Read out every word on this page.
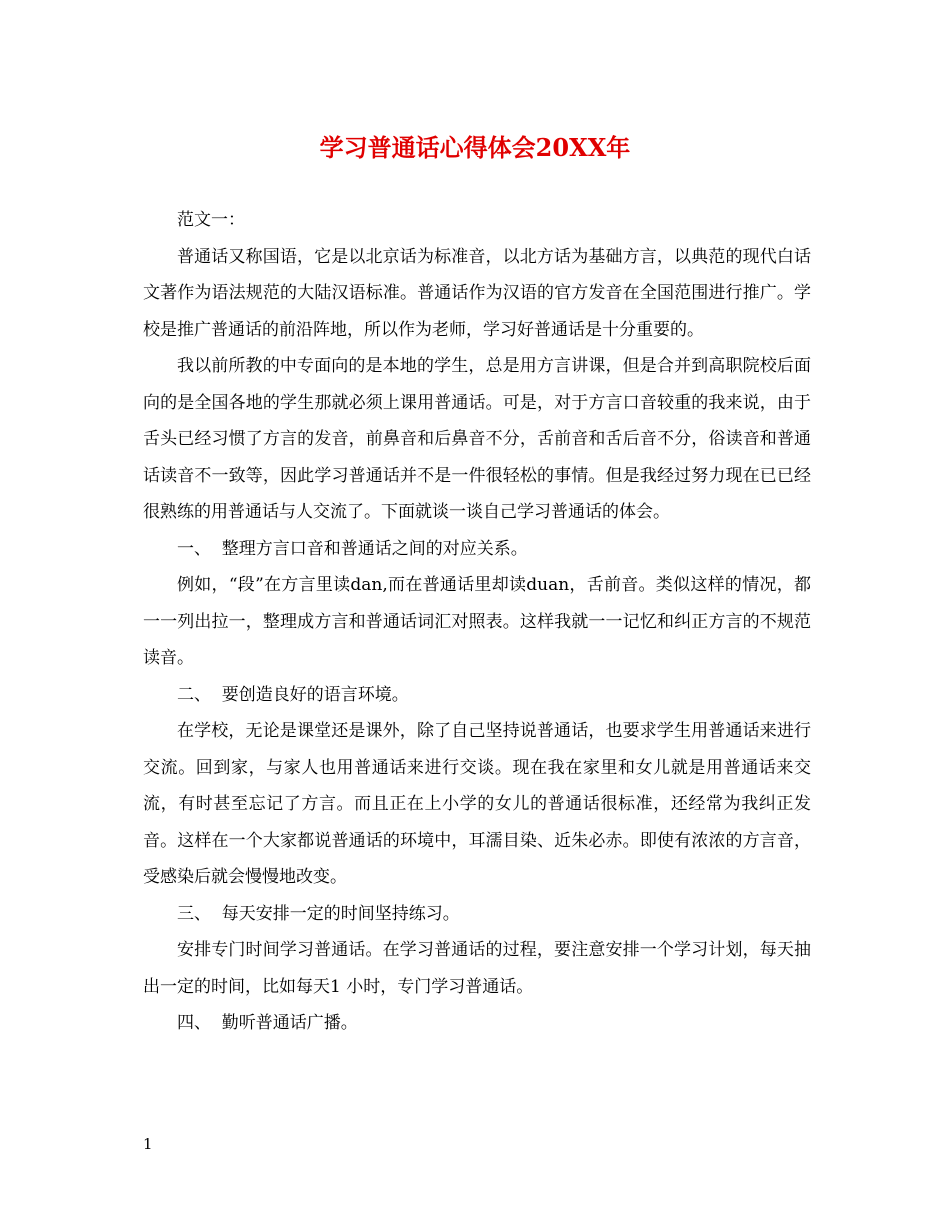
学习普通话心得体会20XX年

范文一：

普通话又称国语，它是以北京话为标准音，以北方话为基础方言，以典范的现代白话文著作为语法规范的大陆汉语标准。普通话作为汉语的官方发音在全国范围进行推广。学校是推广普通话的前沿阵地，所以作为老师，学习好普通话是十分重要的。

我以前所教的中专面向的是本地的学生，总是用方言讲课，但是合并到高职院校后面向的是全国各地的学生那就必须上课用普通话。可是，对于方言口音较重的我来说，由于舌头已经习惯了方言的发音，前鼻音和后鼻音不分，舌前音和舌后音不分，俗读音和普通话读音不一致等，因此学习普通话并不是一件很轻松的事情。但是我经过努力现在已已经很熟练的用普通话与人交流了。下面就谈一谈自己学习普通话的体会。

一、  整理方言口音和普通话之间的对应关系。

例如，“段”在方言里读dan,而在普通话里却读duan，舌前音。类似这样的情况，都一一列出拉一，整理成方言和普通话词汇对照表。这样我就一一记忆和纠正方言的不规范读音。

二、  要创造良好的语言环境。

在学校，无论是课堂还是课外，除了自己坚持说普通话，也要求学生用普通话来进行交流。回到家，与家人也用普通话来进行交谈。现在我在家里和女儿就是用普通话来交流，有时甚至忘记了方言。而且正在上小学的女儿的普通话很标准，还经常为我纠正发音。这样在一个大家都说普通话的环境中，耳濡目染、近朱必赤。即使有浓浓的方言音，受感染后就会慢慢地改变。

三、  每天安排一定的时间坚持练习。

安排专门时间学习普通话。在学习普通话的过程，要注意安排一个学习计划，每天抽出一定的时间，比如每天1 小时，专门学习普通话。

四、  勤听普通话广播。

1
